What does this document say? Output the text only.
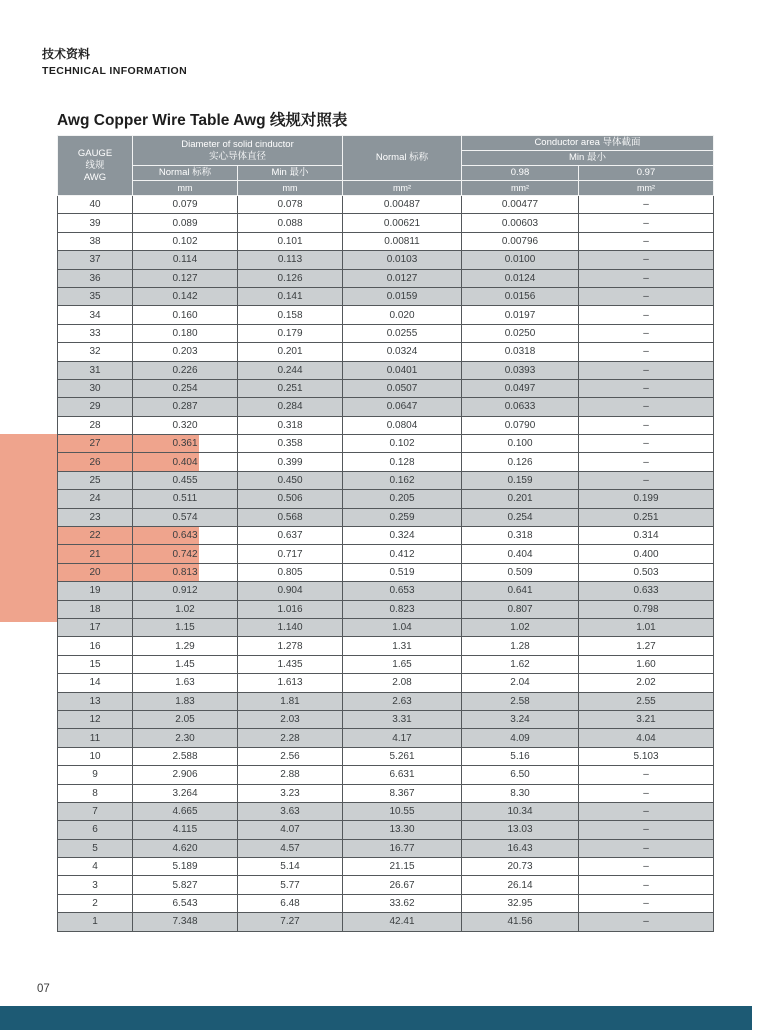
技术资料
TECHNICAL INFORMATION
Awg Copper Wire Table Awg 线规对照表
GAUGE
线规
AWG	Diameter of solid cinductor
实心导体直径		Normal 标称	Conductor area 导体截面	
				Min 最小	
	Normal 标称	Min 最小		0.98	0.97
	mm	mm	mm²	mm²	mm²
40	0.079	0.078	0.00487	0.00477	–
39	0.089	0.088	0.00621	0.00603	–
38	0.102	0.101	0.00811	0.00796	–
37	0.114	0.113	0.0103	0.0100	–
36	0.127	0.126	0.0127	0.0124	–
35	0.142	0.141	0.0159	0.0156	–
34	0.160	0.158	0.020	0.0197	–
33	0.180	0.179	0.0255	0.0250	–
32	0.203	0.201	0.0324	0.0318	–
31	0.226	0.244	0.0401	0.0393	–
30	0.254	0.251	0.0507	0.0497	–
29	0.287	0.284	0.0647	0.0633	–
28	0.320	0.318	0.0804	0.0790	–
27	0.361	0.358	0.102	0.100	–
26	0.404	0.399	0.128	0.126	–
25	0.455	0.450	0.162	0.159	–
24	0.511	0.506	0.205	0.201	0.199
23	0.574	0.568	0.259	0.254	0.251
22	0.643	0.637	0.324	0.318	0.314
21	0.742	0.717	0.412	0.404	0.400
20	0.813	0.805	0.519	0.509	0.503
19	0.912	0.904	0.653	0.641	0.633
18	1.02	1.016	0.823	0.807	0.798
17	1.15	1.140	1.04	1.02	1.01
16	1.29	1.278	1.31	1.28	1.27
15	1.45	1.435	1.65	1.62	1.60
14	1.63	1.613	2.08	2.04	2.02
13	1.83	1.81	2.63	2.58	2.55
12	2.05	2.03	3.31	3.24	3.21
11	2.30	2.28	4.17	4.09	4.04
10	2.588	2.56	5.261	5.16	5.103
9	2.906	2.88	6.631	6.50	–
8	3.264	3.23	8.367	8.30	–
7	4.665	3.63	10.55	10.34	–
6	4.115	4.07	13.30	13.03	–
5	4.620	4.57	16.77	16.43	–
4	5.189	5.14	21.15	20.73	–
3	5.827	5.77	26.67	26.14	–
2	6.543	6.48	33.62	32.95	–
1	7.348	7.27	42.41	41.56	–
07
